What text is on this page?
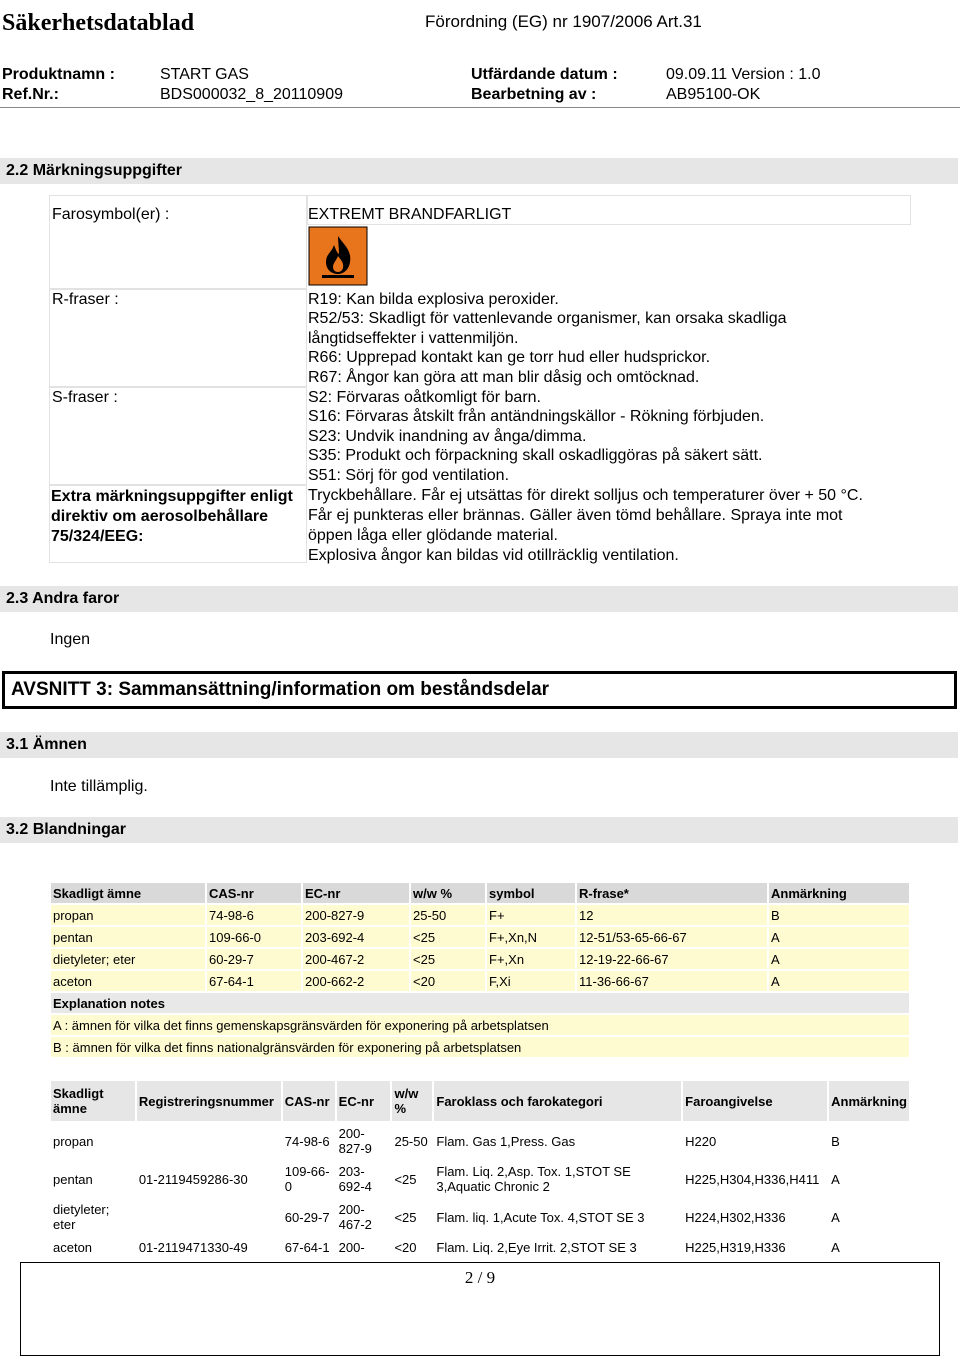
Säkerhetsdatablad	Förordning (EG) nr 1907/2006 Art.31
Produktnamn :	START GAS	Utfärdande datum :	09.09.11 Version : 1.0
Ref.Nr.:	BDS000032_8_20110909	Bearbetning av :	AB95100-OK
2.2 Märkningsuppgifter
Farosymbol(er) :	EXTREMT BRANDFARLIGT
R-fraser :	R19: Kan bilda explosiva peroxider.
R52/53: Skadligt för vattenlevande organismer, kan orsaka skadliga
långtidseffekter i vattenmiljön.
R66: Upprepad kontakt kan ge torr hud eller hudsprickor.
R67: Ångor kan göra att man blir dåsig och omtöcknad.
S-fraser :	S2: Förvaras oåtkomligt för barn.
S16: Förvaras åtskilt från antändningskällor - Rökning förbjuden.
S23: Undvik inandning av ånga/dimma.
S35: Produkt och förpackning skall oskadliggöras på säkert sätt.
S51: Sörj för god ventilation.
Extra märkningsuppgifter enligt
direktiv om aerosolbehållare
75/324/EEG:
Tryckbehållare. Får ej utsättas för direkt solljus och temperaturer över + 50 °C.
Får ej punkteras eller brännas. Gäller även tömd behållare. Spraya inte mot
öppen låga eller glödande material.
Explosiva ångor kan bildas vid otillräcklig ventilation.
2.3 Andra faror
Ingen
AVSNITT 3: Sammansättning/information om beståndsdelar
3.1 Ämnen
Inte tillämplig.
3.2 Blandningar
Skadligt ämne	CAS-nr	EC-nr	w/w %	symbol	R-frase*	Anmärkning
propan	74-98-6	200-827-9	25-50	F+	12	B
pentan	109-66-0	203-692-4	<25	F+,Xn,N	12-51/53-65-66-67	A
dietyleter; eter	60-29-7	200-467-2	<25	F+,Xn	12-19-22-66-67	A
aceton	67-64-1	200-662-2	<20	F,Xi	11-36-66-67	A
Explanation notes						
A : ämnen för vilka det finns gemenskapsgränsvärden för exponering på arbetsplatsen						
B : ämnen för vilka det finns nationalgränsvärden för exponering på arbetsplatsen						
Skadligt ämne	Registreringsnummer	CAS-nr	EC-nr	w/w %	Faroklass och farokategori	Faroangivelse	Anmärkning
propan		74-98-6	200-827-9	25-50	Flam. Gas 1,Press. Gas	H220	B
pentan	01-2119459286-30	109-66-0	203-692-4	<25	Flam. Liq. 2,Asp. Tox. 1,STOT SE 3,Aquatic Chronic 2	H225,H304,H336,H411	A
dietyleter; eter		60-29-7	200-467-2	<25	Flam. liq. 1,Acute Tox. 4,STOT SE 3	H224,H302,H336	A
aceton	01-2119471330-49	67-64-1	200-	<20	Flam. Liq. 2,Eye Irrit. 2,STOT SE 3	H225,H319,H336	A
2 / 9
